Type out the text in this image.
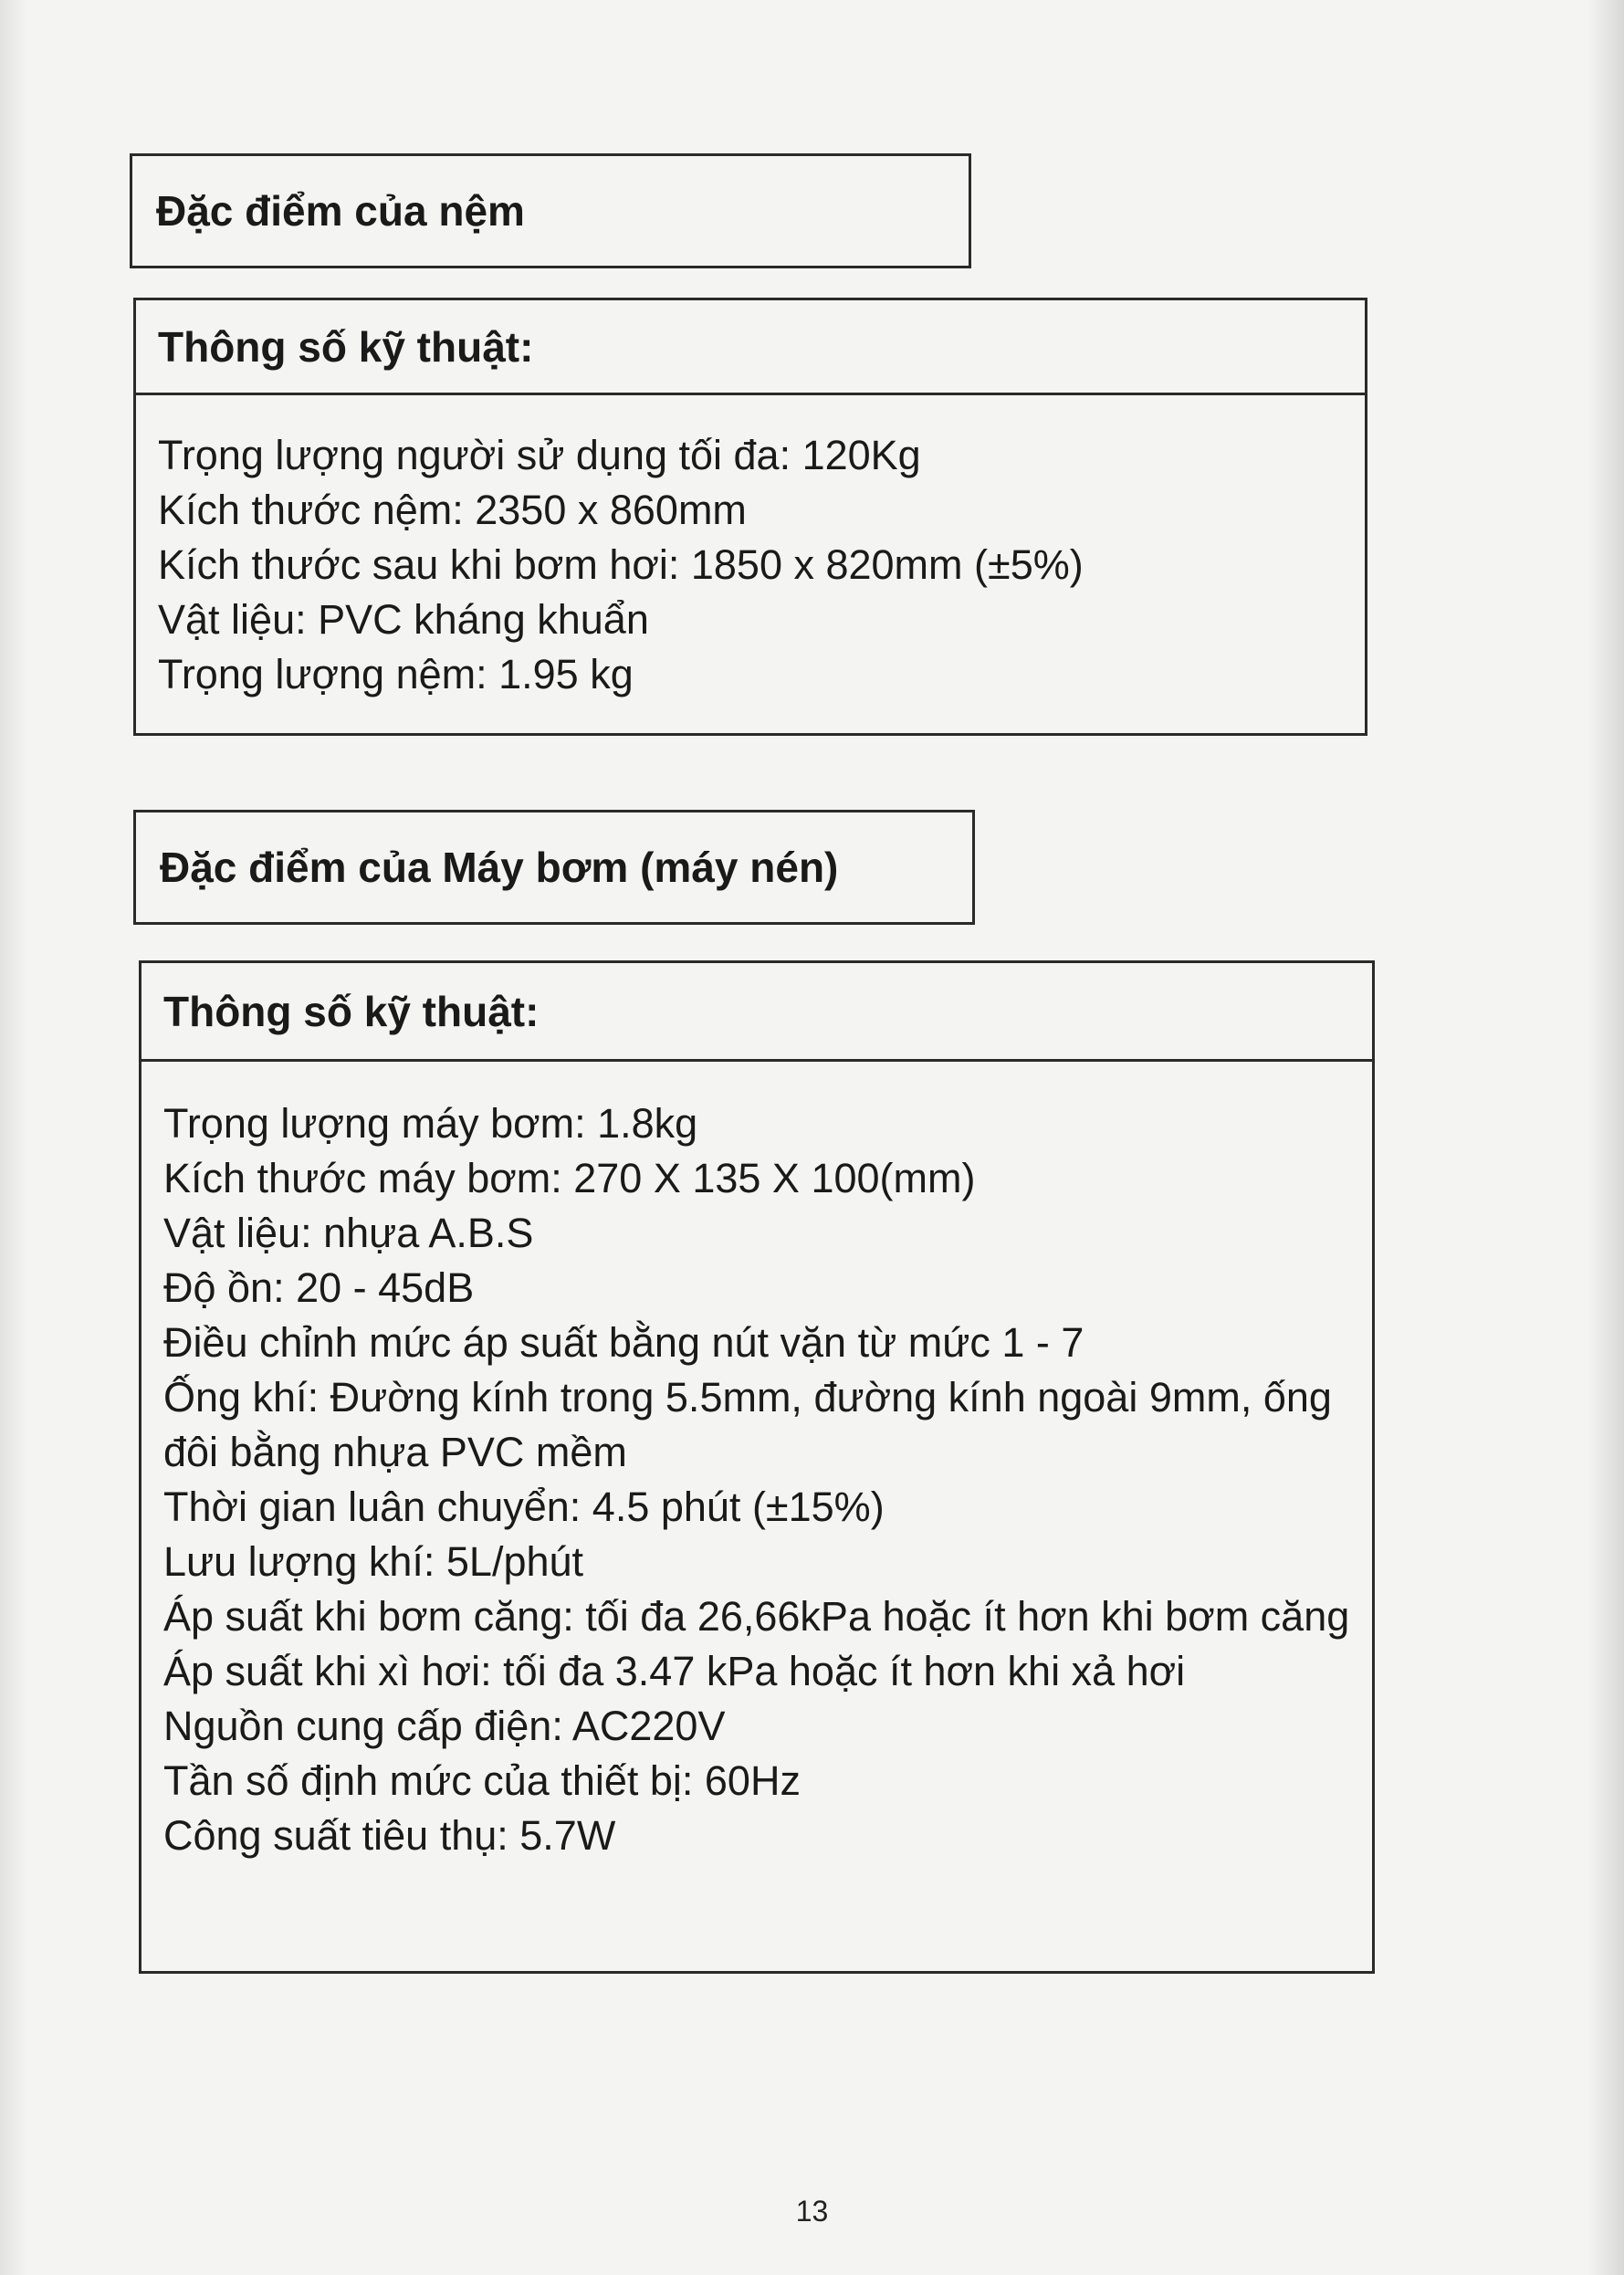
Đặc điểm của nệm
Thông số kỹ thuật:
Trọng lượng người sử dụng tối đa: 120Kg
Kích thước nệm: 2350 x 860mm
Kích thước sau khi bơm hơi: 1850 x 820mm (±5%)
Vật liệu: PVC kháng khuẩn
Trọng lượng nệm: 1.95 kg
Đặc điểm của Máy bơm (máy nén)
Thông số kỹ thuật:
Trọng lượng máy bơm: 1.8kg
Kích thước máy bơm: 270 X 135 X 100(mm)
Vật liệu: nhựa A.B.S
Độ ồn: 20 - 45dB
Điều chỉnh mức áp suất bằng nút vặn từ mức 1 - 7
Ống khí: Đường kính trong 5.5mm, đường kính ngoài 9mm, ống đôi bằng nhựa PVC mềm
Thời gian luân chuyển: 4.5 phút (±15%)
Lưu lượng khí: 5L/phút
Áp suất khi bơm căng: tối đa 26,66kPa hoặc ít hơn khi bơm căng
Áp suất khi xì hơi: tối đa 3.47 kPa hoặc ít hơn khi xả hơi
Nguồn cung cấp điện: AC220V
Tần số định mức của thiết bị: 60Hz
Công suất tiêu thụ: 5.7W
13
